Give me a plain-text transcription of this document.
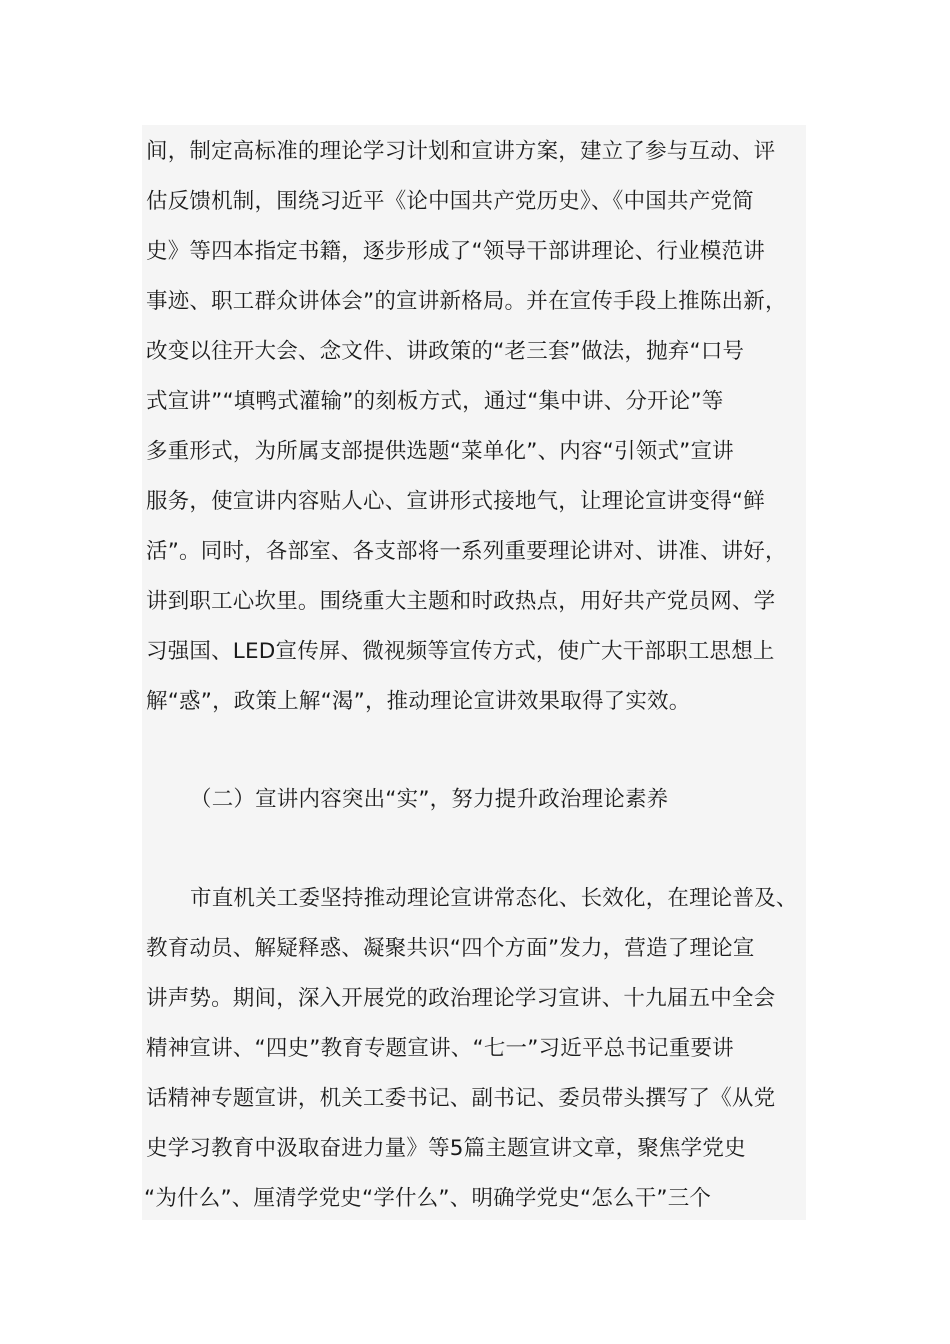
间，制定高标准的理论学习计划和宣讲方案，建立了参与互动、评

估反馈机制，围绕习近平《论中国共产党历史》、《中国共产党简

史》等四本指定书籍，逐步形成了“领导干部讲理论、行业模范讲

事迹、职工群众讲体会”的宣讲新格局。并在宣传手段上推陈出新，

改变以往开大会、念文件、讲政策的“老三套”做法，抛弃“口号

式宣讲”“填鸭式灌输”的刻板方式，通过“集中讲、分开论”等

多重形式，为所属支部提供选题“菜单化”、内容“引领式”宣讲

服务，使宣讲内容贴人心、宣讲形式接地气，让理论宣讲变得“鲜

活”。同时，各部室、各支部将一系列重要理论讲对、讲准、讲好，

讲到职工心坎里。围绕重大主题和时政热点，用好共产党员网、学

习强国、LED宣传屏、微视频等宣传方式，使广大干部职工思想上

解“惑”，政策上解“渴”，推动理论宣讲效果取得了实效。

（二）宣讲内容突出“实”，努力提升政治理论素养

市直机关工委坚持推动理论宣讲常态化、长效化，在理论普及、

教育动员、解疑释惑、凝聚共识“四个方面”发力，营造了理论宣

讲声势。期间，深入开展党的政治理论学习宣讲、十九届五中全会

精神宣讲、“四史”教育专题宣讲、“七一”习近平总书记重要讲

话精神专题宣讲，机关工委书记、副书记、委员带头撰写了《从党

史学习教育中汲取奋进力量》等5篇主题宣讲文章，聚焦学党史

“为什么”、厘清学党史“学什么”、明确学党史“怎么干”三个
